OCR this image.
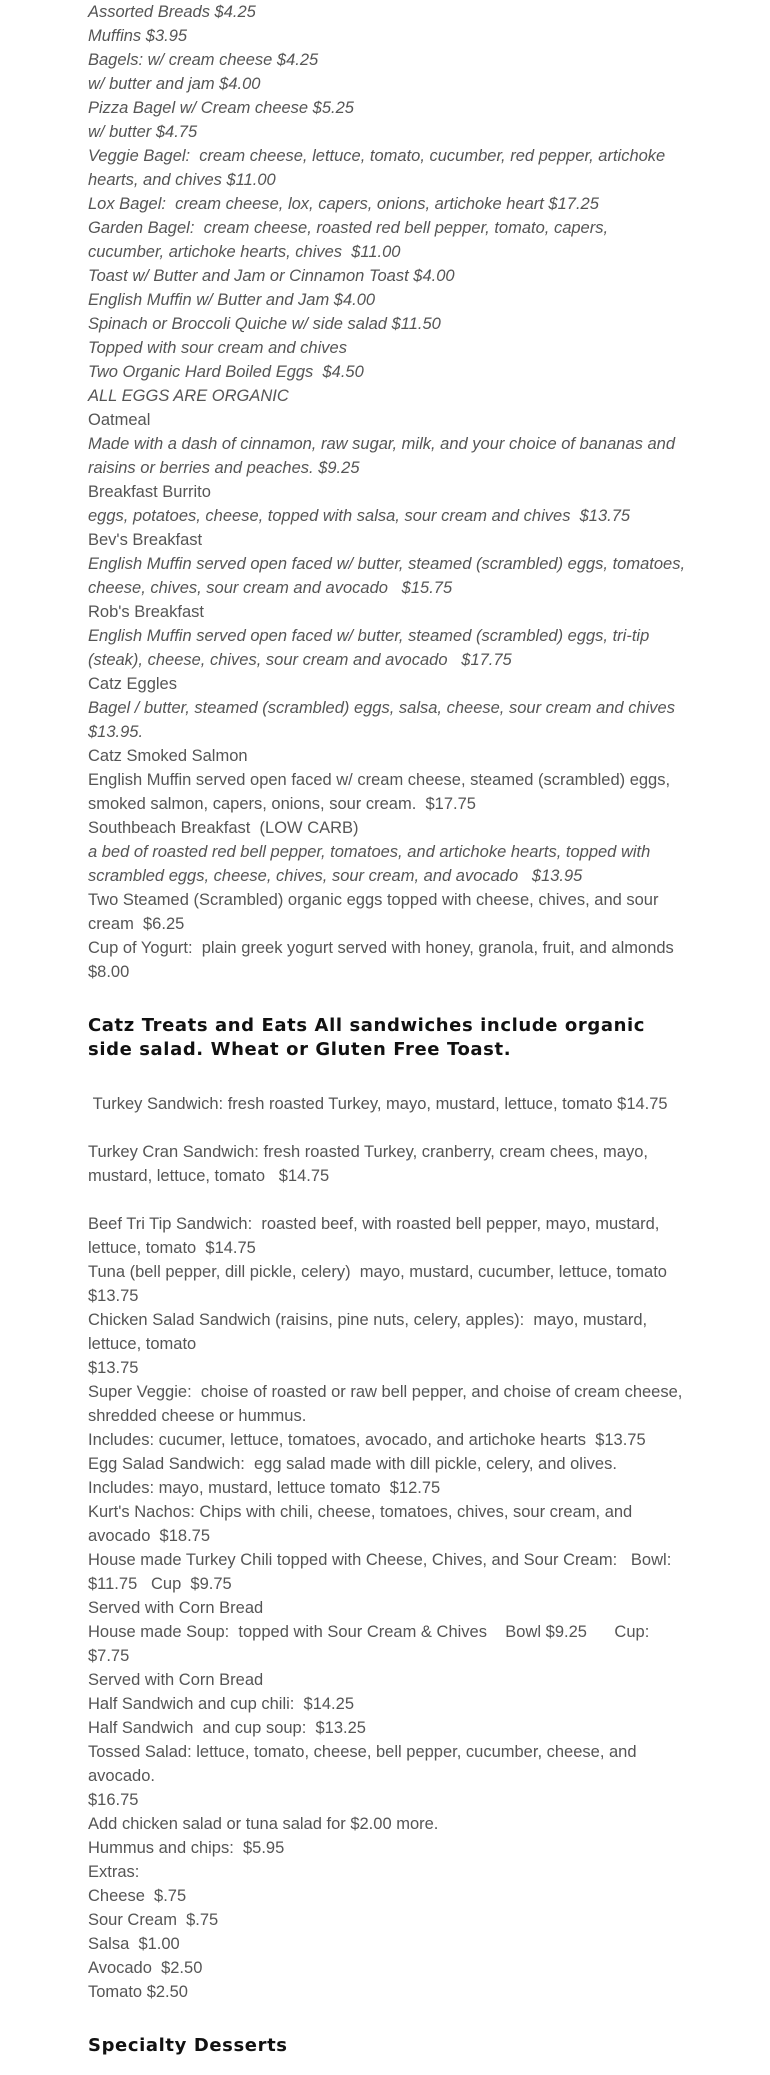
Assorted Breads $4.25

Muffins $3.95

Bagels: w/ cream cheese $4.25

w/ butter and jam $4.00

Pizza Bagel w/ Cream cheese $5.25

w/ butter $4.75

Veggie Bagel:  cream cheese, lettuce, tomato, cucumber, red pepper, artichoke hearts, and chives $11.00

Lox Bagel:  cream cheese, lox, capers, onions, artichoke heart $17.25

Garden Bagel:  cream cheese, roasted red bell pepper, tomato, capers, cucumber, artichoke hearts, chives  $11.00

Toast w/ Butter and Jam or Cinnamon Toast $4.00

English Muffin w/ Butter and Jam $4.00

Spinach or Broccoli Quiche w/ side salad $11.50

Topped with sour cream and chives

Two Organic Hard Boiled Eggs  $4.50

ALL EGGS ARE ORGANIC

Oatmeal

Made with a dash of cinnamon, raw sugar, milk, and your choice of bananas and raisins or berries and peaches. $9.25

Breakfast Burrito

eggs, potatoes, cheese, topped with salsa, sour cream and chives  $13.75

Bev's Breakfast

English Muffin served open faced w/ butter, steamed (scrambled) eggs, tomatoes, cheese, chives, sour cream and avocado   $15.75

Rob's Breakfast

English Muffin served open faced w/ butter, steamed (scrambled) eggs, tri-tip (steak), cheese, chives, sour cream and avocado   $17.75

Catz Eggles

Bagel / butter, steamed (scrambled) eggs, salsa, cheese, sour cream and chives $13.95.

Catz Smoked Salmon

English Muffin served open faced w/ cream cheese, steamed (scrambled) eggs, smoked salmon, capers, onions, sour cream.  $17.75

Southbeach Breakfast  (LOW CARB)

a bed of roasted red bell pepper, tomatoes, and artichoke hearts, topped with scrambled eggs, cheese, chives, sour cream, and avocado   $13.95

Two Steamed (Scrambled) organic eggs topped with cheese, chives, and sour cream  $6.25

Cup of Yogurt:  plain greek yogurt served with honey, granola, fruit, and almonds $8.00

Catz Treats and Eats All sandwiches include organic side salad. Wheat or Gluten Free Toast.

Turkey Sandwich: fresh roasted Turkey, mayo, mustard, lettuce, tomato $14.75

Turkey Cran Sandwich: fresh roasted Turkey, cranberry, cream chees, mayo, mustard, lettuce, tomato   $14.75

Beef Tri Tip Sandwich:  roasted beef, with roasted bell pepper, mayo, mustard, lettuce, tomato  $14.75

Tuna (bell pepper, dill pickle, celery)  mayo, mustard, cucumber, lettuce, tomato $13.75

Chicken Salad Sandwich (raisins, pine nuts, celery, apples):  mayo, mustard, lettuce, tomato

$13.75

Super Veggie:  choise of roasted or raw bell pepper, and choise of cream cheese, shredded cheese or hummus.

Includes: cucumer, lettuce, tomatoes, avocado, and artichoke hearts  $13.75

Egg Salad Sandwich:  egg salad made with dill pickle, celery, and olives.  Includes: mayo, mustard, lettuce tomato  $12.75

Kurt's Nachos: Chips with chili, cheese, tomatoes, chives, sour cream, and avocado  $18.75

House made Turkey Chili topped with Cheese, Chives, and Sour Cream:   Bowl: $11.75   Cup  $9.75

Served with Corn Bread

House made Soup:  topped with Sour Cream & Chives    Bowl $9.25      Cup: $7.75

Served with Corn Bread

Half Sandwich and cup chili:  $14.25

Half Sandwich  and cup soup:  $13.25

Tossed Salad: lettuce, tomato, cheese, bell pepper, cucumber, cheese, and avocado.

$16.75

Add chicken salad or tuna salad for $2.00 more.

Hummus and chips:  $5.95

Extras:

Cheese  $.75

Sour Cream  $.75

Salsa  $1.00

Avocado  $2.50

Tomato $2.50

Specialty Desserts
